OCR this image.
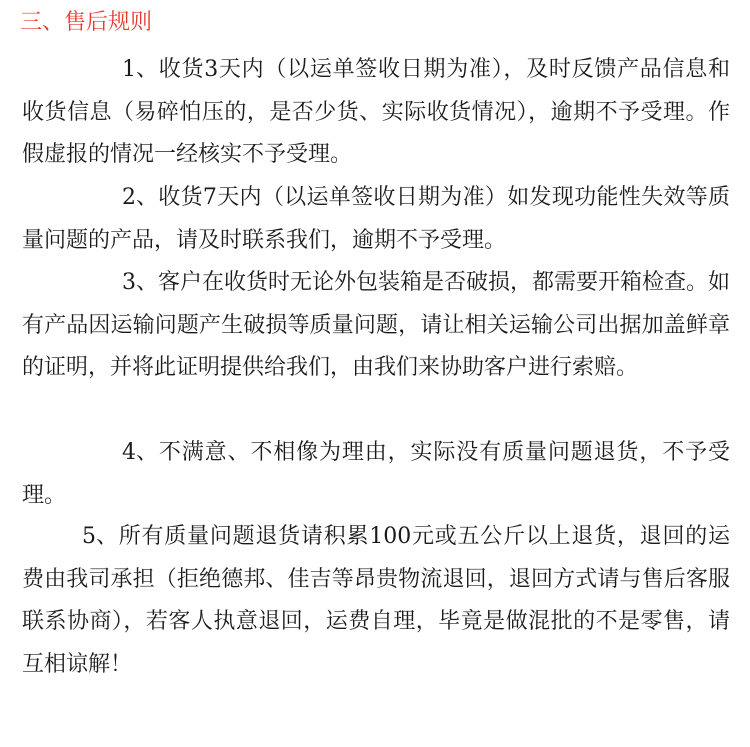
三、售后规则

1、收货3天内（以运单签收日期为准），及时反馈产品信息和收货信息（易碎怕压的，是否少货、实际收货情况），逾期不予受理。作假虚报的情况一经核实不予受理。

2、收货7天内（以运单签收日期为准）如发现功能性失效等质量问题的产品，请及时联系我们，逾期不予受理。

3、客户在收货时无论外包装箱是否破损，都需要开箱检查。如有产品因运输问题产生破损等质量问题，请让相关运输公司出据加盖鲜章的证明，并将此证明提供给我们，由我们来协助客户进行索赔。

4、不满意、不相像为理由，实际没有质量问题退货，不予受理。

5、所有质量问题退货请积累100元或五公斤以上退货，退回的运费由我司承担（拒绝德邦、佳吉等昂贵物流退回，退回方式请与售后客服联系协商），若客人执意退回，运费自理，毕竟是做混批的不是零售，请互相谅解！
